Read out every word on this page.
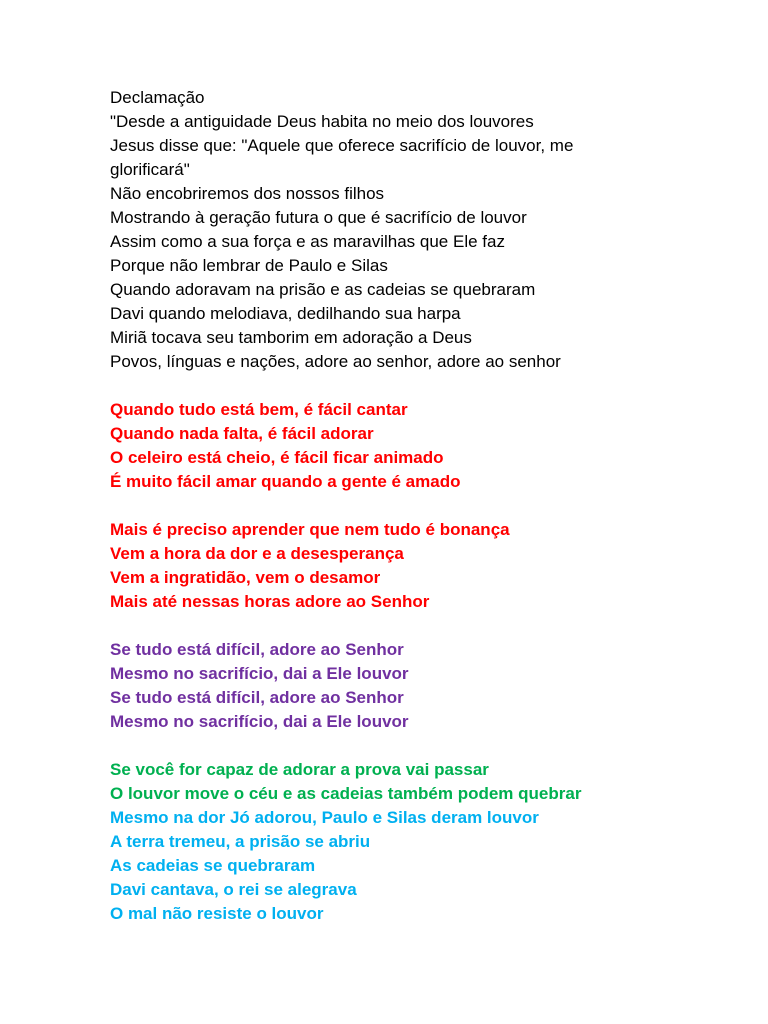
Declamação
"Desde a antiguidade Deus habita no meio dos louvores
Jesus disse que: "Aquele que oferece sacrifício de louvor, me
glorificará"
Não encobriremos dos nossos filhos
Mostrando à geração futura o que é sacrifício de louvor
Assim como a sua força e as maravilhas que Ele faz
Porque não lembrar de Paulo e Silas
Quando adoravam na prisão e as cadeias se quebraram
Davi quando melodiava, dedilhando sua harpa
Miriã tocava seu tamborim em adoração a Deus
Povos, línguas e nações, adore ao senhor, adore ao senhor
Quando tudo está bem, é fácil cantar
Quando nada falta, é fácil adorar
O celeiro está cheio, é fácil ficar animado
É muito fácil amar quando a gente é amado
Mais é preciso aprender que nem tudo é bonança
Vem a hora da dor e a desesperança
Vem a ingratidão, vem o desamor
Mais até nessas horas adore ao Senhor
Se tudo está difícil, adore ao Senhor
Mesmo no sacrifício, dai a Ele louvor
Se tudo está difícil, adore ao Senhor
Mesmo no sacrifício, dai a Ele louvor
Se você for capaz de adorar a prova vai passar
O louvor move o céu e as cadeias também podem quebrar
Mesmo na dor Jó adorou, Paulo e Silas deram louvor
A terra tremeu, a prisão se abriu
As cadeias se quebraram
Davi cantava, o rei se alegrava
O mal não resiste o louvor
